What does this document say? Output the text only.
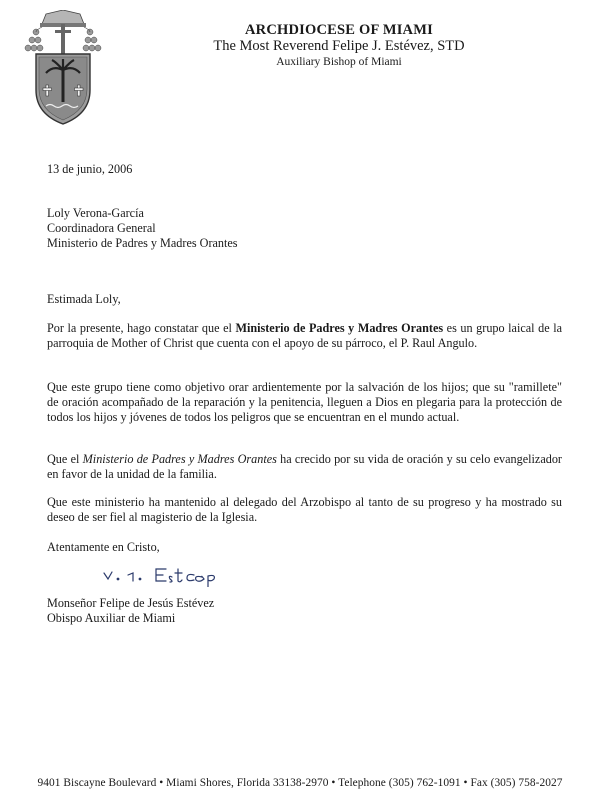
ARCHDIOCESE OF MIAMI
The Most Reverend Felipe J. Estévez, STD
Auxiliary Bishop of Miami
13 de junio, 2006
Loly Verona-García
Coordinadora General
Ministerio de Padres y Madres Orantes
Estimada Loly,
Por la presente, hago constatar que el Ministerio de Padres y Madres Orantes es un grupo laical de la parroquia de Mother of Christ que cuenta con el apoyo de su párroco, el P. Raul Angulo.
Que este grupo tiene como objetivo orar ardientemente por la salvación de los hijos; que su "ramillete" de oración acompañado de la reparación y la penitencia, lleguen a Dios en plegaria para la protección de todos los hijos y jóvenes de todos los peligros que se encuentran en el mundo actual.
Que el Ministerio de Padres y Madres Orantes ha crecido por su vida de oración y su celo evangelizador en favor de la unidad de la familia.
Que este ministerio ha mantenido al delegado del Arzobispo al tanto de su progreso y ha mostrado su deseo de ser fiel al magisterio de la Iglesia.
Atentamente en Cristo,
Monseñor Felipe de Jesús Estévez
Obispo Auxiliar de Miami
9401 Biscayne Boulevard • Miami Shores, Florida 33138-2970 • Telephone (305) 762-1091 • Fax (305) 758-2027
